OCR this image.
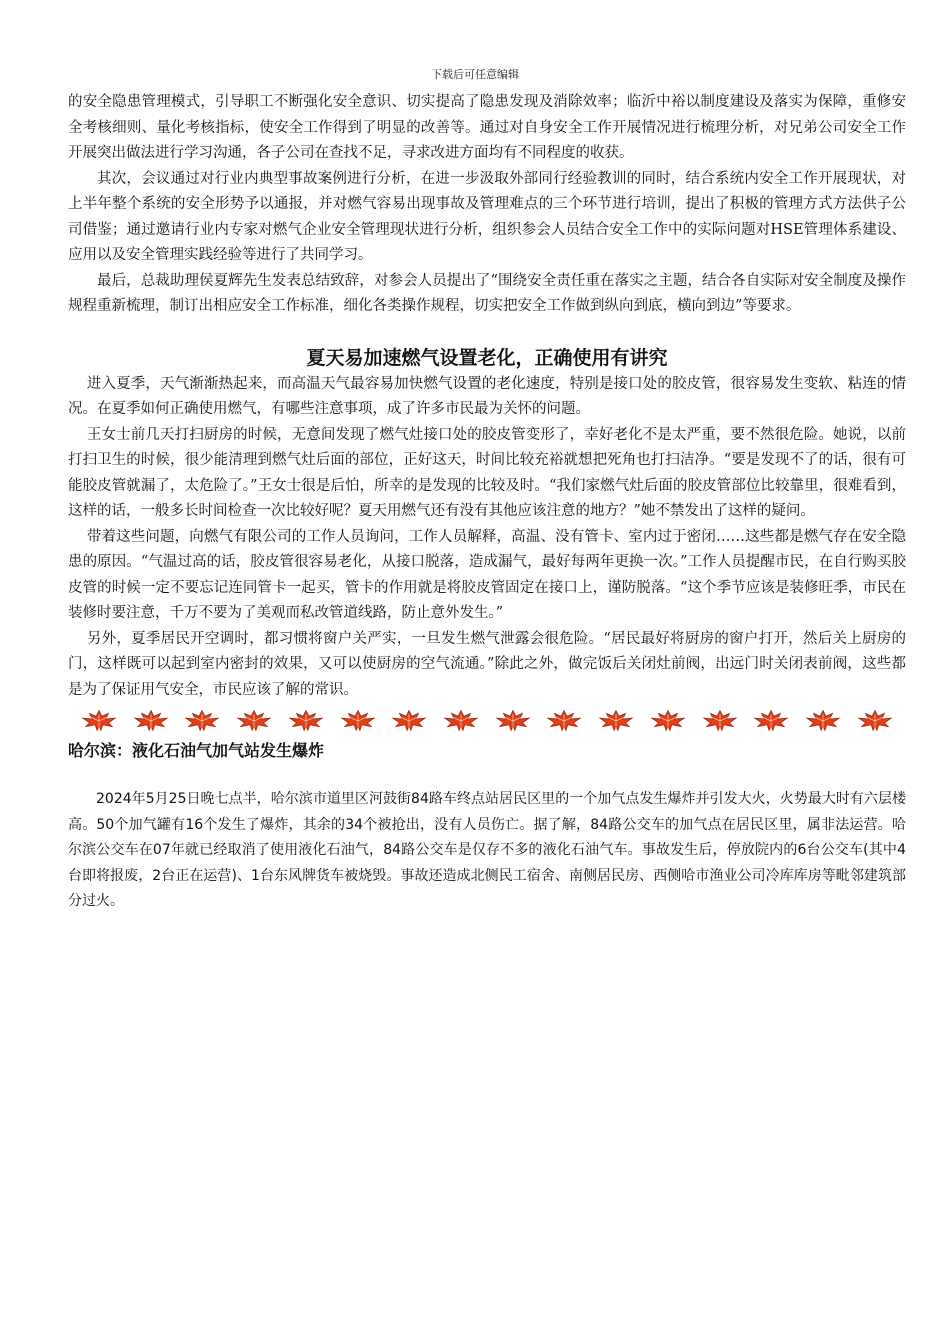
下载后可任意编辑

的安全隐患管理模式，引导职工不断强化安全意识、切实提高了隐患发现及消除效率；临沂中裕以制度建设及落实为保障，重修安全考核细则、量化考核指标，使安全工作得到了明显的改善等。通过对自身安全工作开展情况进行梳理分析，对兄弟公司安全工作开展突出做法进行学习沟通，各子公司在查找不足，寻求改进方面均有不同程度的收获。

其次，会议通过对行业内典型事故案例进行分析，在进一步汲取外部同行经验教训的同时，结合系统内安全工作开展现状，对上半年整个系统的安全形势予以通报，并对燃气容易出现事故及管理难点的三个环节进行培训，提出了积极的管理方式方法供子公司借鉴；通过邀请行业内专家对燃气企业安全管理现状进行分析，组织参会人员结合安全工作中的实际问题对HSE管理体系建设、应用以及安全管理实践经验等进行了共同学习。

最后，总裁助理侯夏辉先生发表总结致辞，对参会人员提出了“围绕安全责任重在落实之主题，结合各自实际对安全制度及操作规程重新梳理，制订出相应安全工作标准，细化各类操作规程，切实把安全工作做到纵向到底，横向到边”等要求。

夏天易加速燃气设置老化，正确使用有讲究

进入夏季，天气渐渐热起来，而高温天气最容易加快燃气设置的老化速度，特别是接口处的胶皮管，很容易发生变软、粘连的情况。在夏季如何正确使用燃气，有哪些注意事项，成了许多市民最为关怀的问题。

王女士前几天打扫厨房的时候，无意间发现了燃气灶接口处的胶皮管变形了，幸好老化不是太严重，要不然很危险。她说，以前打扫卫生的时候，很少能清理到燃气灶后面的部位，正好这天，时间比较充裕就想把死角也打扫洁净。“要是发现不了的话，很有可能胶皮管就漏了，太危险了。”王女士很是后怕，所幸的是发现的比较及时。“我们家燃气灶后面的胶皮管部位比较靠里，很难看到，这样的话，一般多长时间检查一次比较好呢？夏天用燃气还有没有其他应该注意的地方？”她不禁发出了这样的疑问。

带着这些问题，向燃气有限公司的工作人员询问，工作人员解释，高温、没有管卡、室内过于密闭……这些都是燃气存在安全隐患的原因。“气温过高的话，胶皮管很容易老化，从接口脱落，造成漏气，最好每两年更换一次。”工作人员提醒市民，在自行购买胶皮管的时候一定不要忘记连同管卡一起买，管卡的作用就是将胶皮管固定在接口上，谨防脱落。“这个季节应该是装修旺季，市民在装修时要注意，千万不要为了美观而私改管道线路，防止意外发生。”

另外，夏季居民开空调时，都习惯将窗户关严实，一旦发生燃气泄露会很危险。“居民最好将厨房的窗户打开，然后关上厨房的门，这样既可以起到室内密封的效果，又可以使厨房的空气流通。”除此之外，做完饭后关闭灶前阀，出远门时关闭表前阀，这些都是为了保证用气安全，市民应该了解的常识。

哈尔滨：液化石油气加气站发生爆炸

2024年5月25日晚七点半，哈尔滨市道里区河鼓街84路车终点站居民区里的一个加气点发生爆炸并引发大火，火势最大时有六层楼高。50个加气罐有16个发生了爆炸，其余的34个被抢出，没有人员伤亡。据了解，84路公交车的加气点在居民区里，属非法运营。哈尔滨公交车在07年就已经取消了使用液化石油气，84路公交车是仅存不多的液化石油气车。事故发生后，停放院内的6台公交车(其中4台即将报废，2台正在运营)、1台东风牌货车被烧毁。事故还造成北侧民工宿舍、南侧居民房、西侧哈市渔业公司冷库库房等毗邻建筑部分过火。
